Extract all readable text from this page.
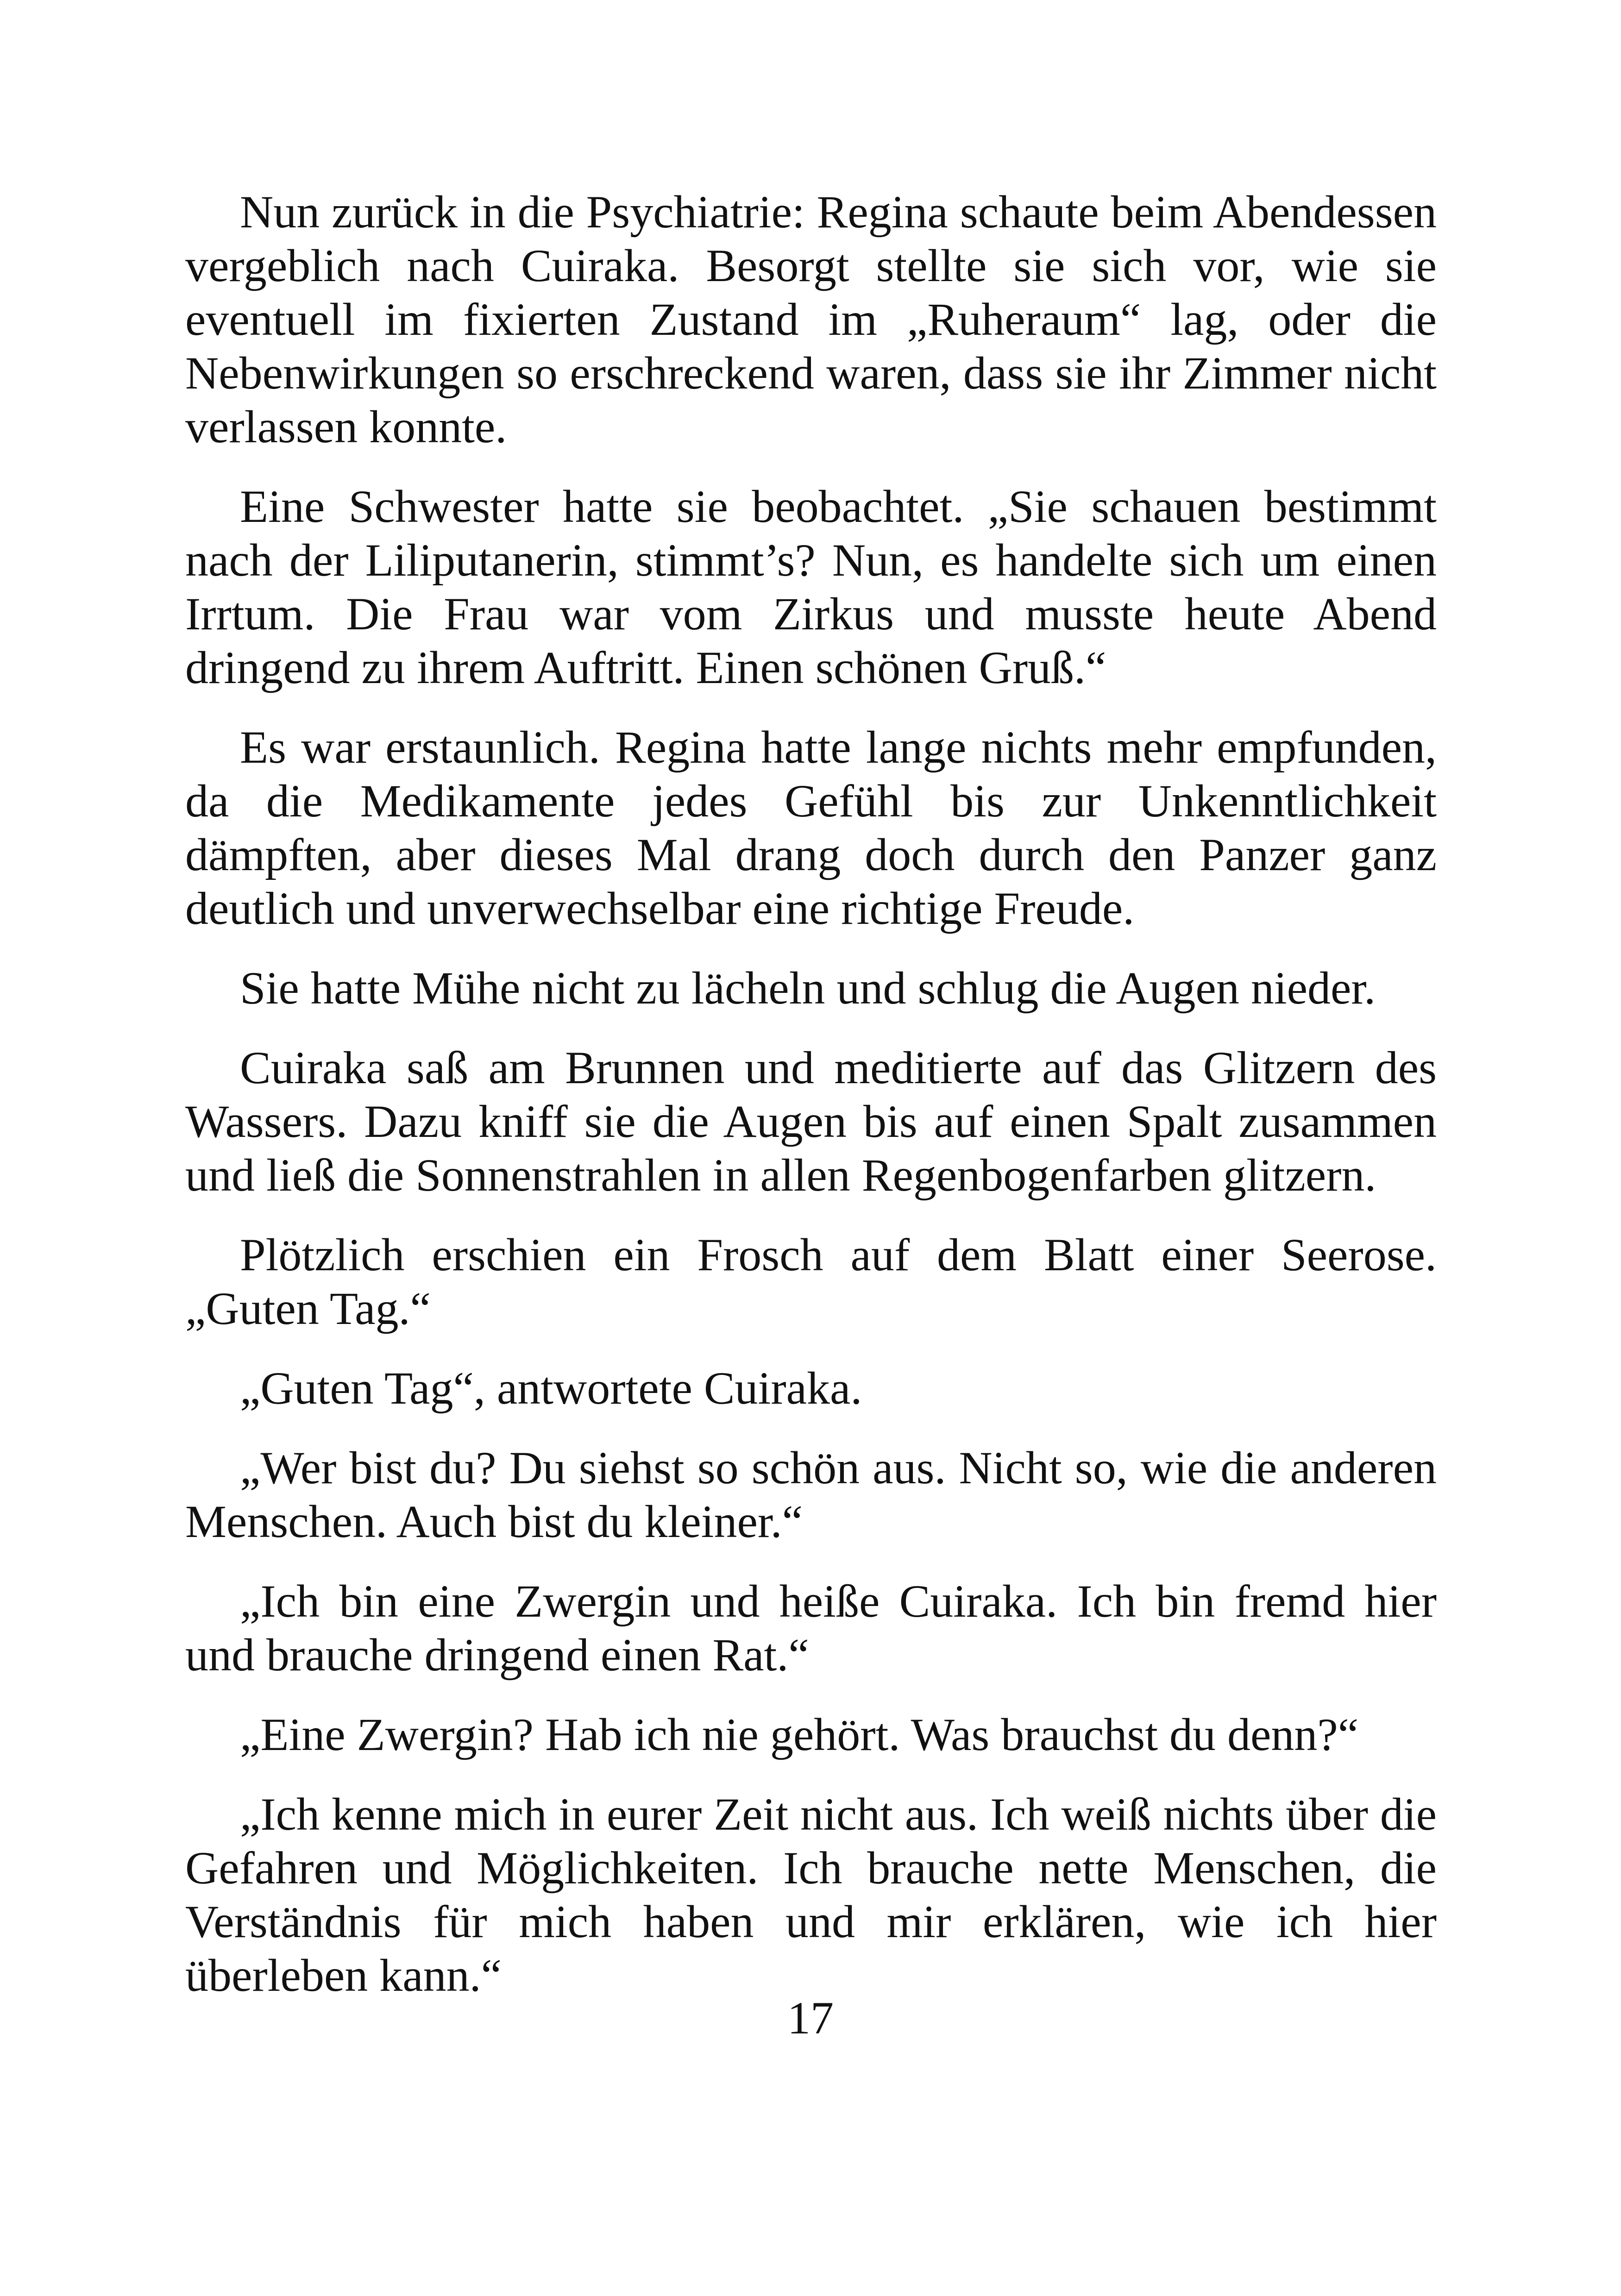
Nun zurück in die Psychiatrie: Regina schaute beim Abendessen vergeblich nach Cuiraka. Besorgt stellte sie sich vor, wie sie eventuell im fixierten Zustand im „Ruheraum“ lag, oder die Nebenwirkungen so erschreckend waren, dass sie ihr Zimmer nicht verlassen konnte.

Eine Schwester hatte sie beobachtet. „Sie schauen bestimmt nach der Liliputanerin, stimmt’s? Nun, es handelte sich um einen Irrtum. Die Frau war vom Zirkus und musste heute Abend dringend zu ihrem Auftritt. Einen schönen Gruß.“

Es war erstaunlich. Regina hatte lange nichts mehr empfunden, da die Medikamente jedes Gefühl bis zur Unkenntlichkeit dämpften, aber dieses Mal drang doch durch den Panzer ganz deutlich und unverwechselbar eine richtige Freude.

Sie hatte Mühe nicht zu lächeln und schlug die Augen nieder.

Cuiraka saß am Brunnen und meditierte auf das Glitzern des Wassers. Dazu kniff sie die Augen bis auf einen Spalt zusammen und ließ die Sonnenstrahlen in allen Regenbogenfarben glitzern.

Plötzlich erschien ein Frosch auf dem Blatt einer Seerose. „Guten Tag.“

„Guten Tag“, antwortete Cuiraka.

„Wer bist du? Du siehst so schön aus. Nicht so, wie die anderen Menschen. Auch bist du kleiner.“

„Ich bin eine Zwergin und heiße Cuiraka. Ich bin fremd hier und brauche dringend einen Rat.“

„Eine Zwergin? Hab ich nie gehört. Was brauchst du denn?“

„Ich kenne mich in eurer Zeit nicht aus. Ich weiß nichts über die Gefahren und Möglichkeiten. Ich brauche nette Menschen, die Verständnis für mich haben und mir erklären, wie ich hier überleben kann.“

17
